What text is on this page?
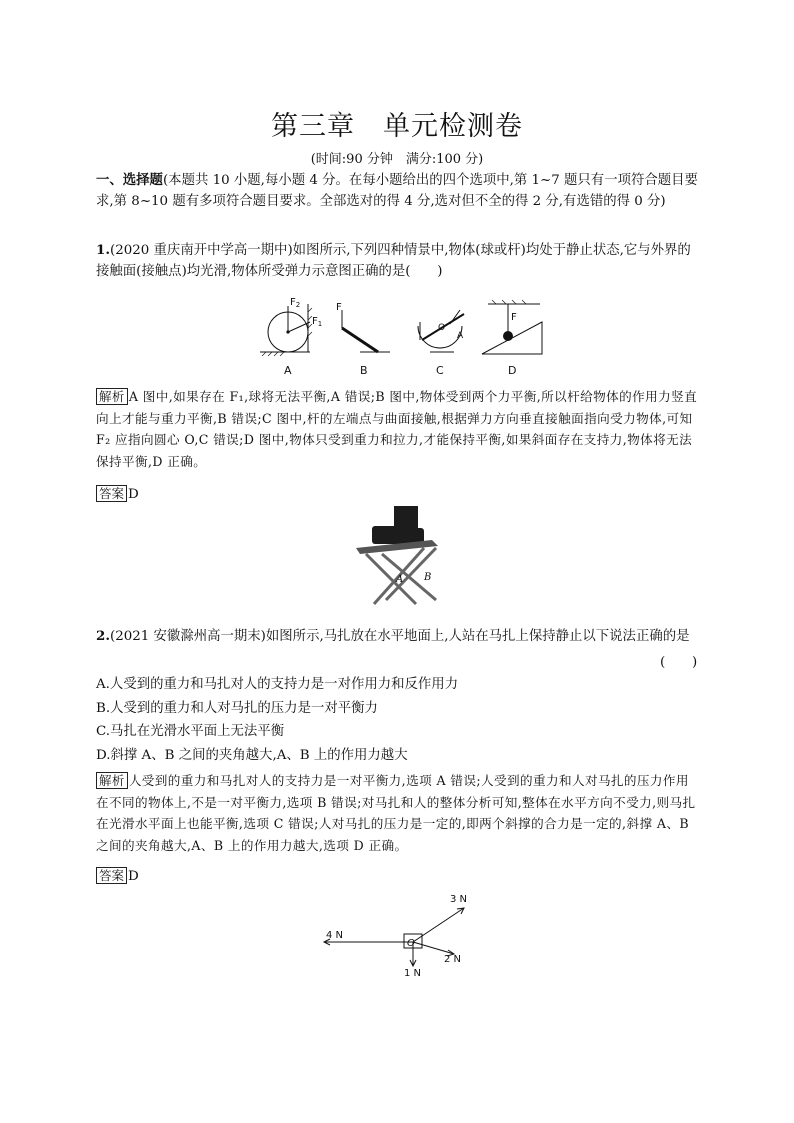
第三章　单元检测卷
(时间:90 分钟　满分:100 分)
一、选择题(本题共 10 小题,每小题 4 分。在每小题给出的四个选项中,第 1~7 题只有一项符合题目要求,第 8~10 题有多项符合题目要求。全部选对的得 4 分,选对但不全的得 2 分,有选错的得 0 分)
1.(2020 重庆南开中学高一期中)如图所示,下列四种情景中,物体(球或杆)均处于静止状态,它与外界的接触面(接触点)均光滑,物体所受弹力示意图正确的是(　　)
$F_2$
$F_1$
F
F
O
A
A	B	C	D
解析 A 图中,如果存在 F₁,球将无法平衡,A 错误;B 图中,物体受到两个力平衡,所以杆给物体的作用力竖直向上才能与重力平衡,B 错误;C 图中,杆的左端点与曲面接触,根据弹力方向垂直接触面指向受力物体,可知 F₂ 应指向圆心 O,C 错误;D 图中,物体只受到重力和拉力,才能保持平衡,如果斜面存在支持力,物体将无法保持平衡,D 正确。
答案 D
A B
2.(2021 安徽滁州高一期末)如图所示,马扎放在水平地面上,人站在马扎上保持静止以下说法正确的是
(　　)
A.人受到的重力和马扎对人的支持力是一对作用力和反作用力
B.人受到的重力和人对马扎的压力是一对平衡力
C.马扎在光滑水平面上无法平衡
D.斜撑 A、B 之间的夹角越大,A、B 上的作用力越大
解析 人受到的重力和马扎对人的支持力是一对平衡力,选项 A 错误;人受到的重力和人对马扎的压力作用在不同的物体上,不是一对平衡力,选项 B 错误;对马扎和人的整体分析可知,整体在水平方向不受力,则马扎在光滑水平面上也能平衡,选项 C 错误;人对马扎的压力是一定的,即两个斜撑的合力是一定的,斜撑 A、B 之间的夹角越大,A、B 上的作用力越大,选项 D 正确。
答案 D
4 N
3 N
2 N
1 N
O
